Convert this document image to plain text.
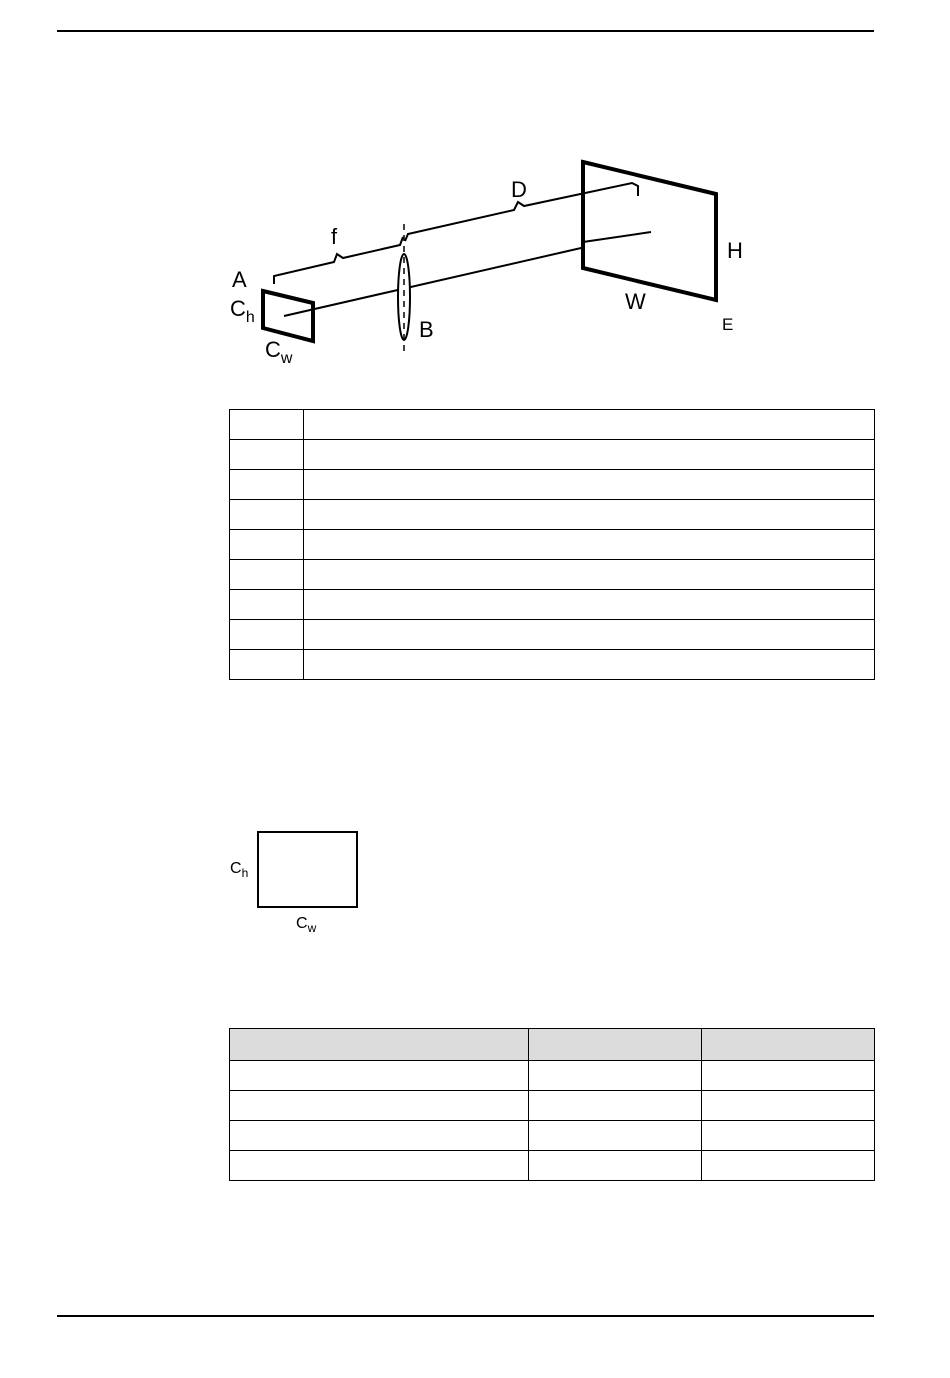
A
$C_h$
$C_w$
f
D
B
H
W
E

$C_h$
$C_w$
